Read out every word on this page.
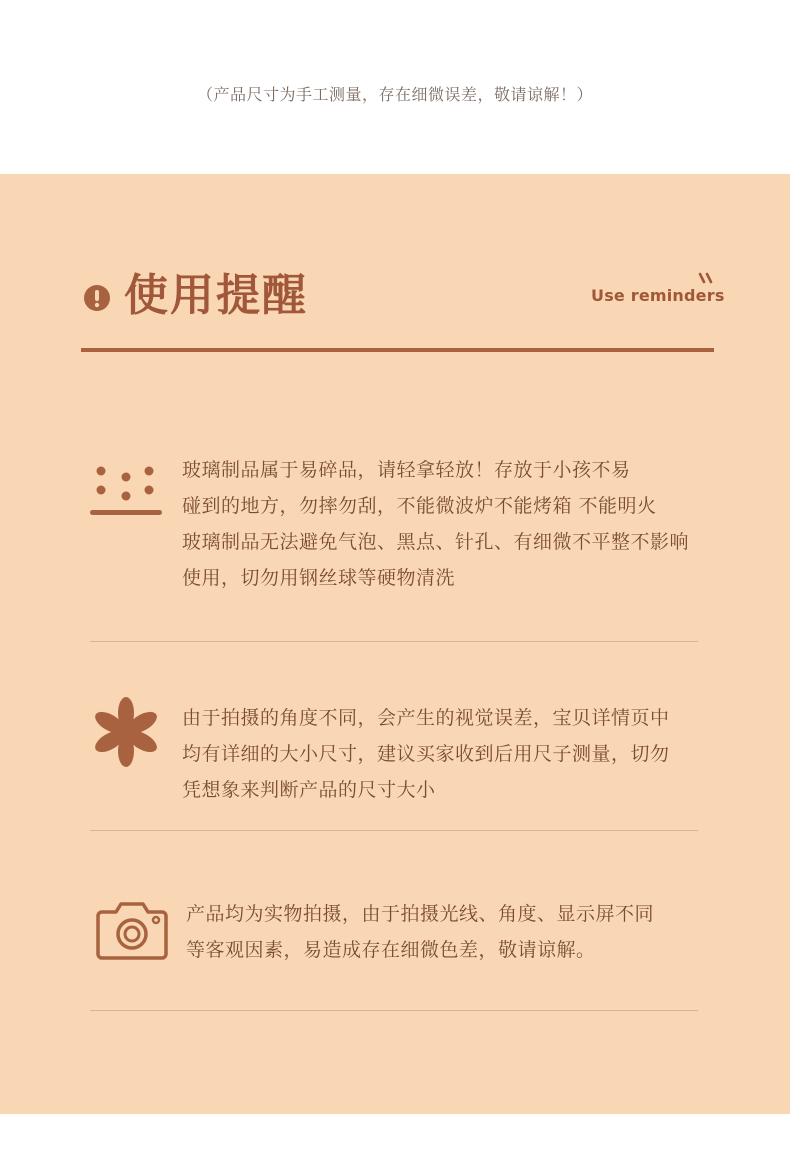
（产品尺寸为手工测量，存在细微误差，敬请谅解！）
使用提醒	Use reminders
玻璃制品属于易碎品，请轻拿轻放！存放于小孩不易
碰到的地方，勿摔勿刮，不能微波炉不能烤箱 不能明火
玻璃制品无法避免气泡、黑点、针孔、有细微不平整不影响
使用，切勿用钢丝球等硬物清洗
由于拍摄的角度不同，会产生的视觉误差，宝贝详情页中
均有详细的大小尺寸，建议买家收到后用尺子测量，切勿
凭想象来判断产品的尺寸大小
产品均为实物拍摄，由于拍摄光线、角度、显示屏不同
等客观因素，易造成存在细微色差，敬请谅解。
